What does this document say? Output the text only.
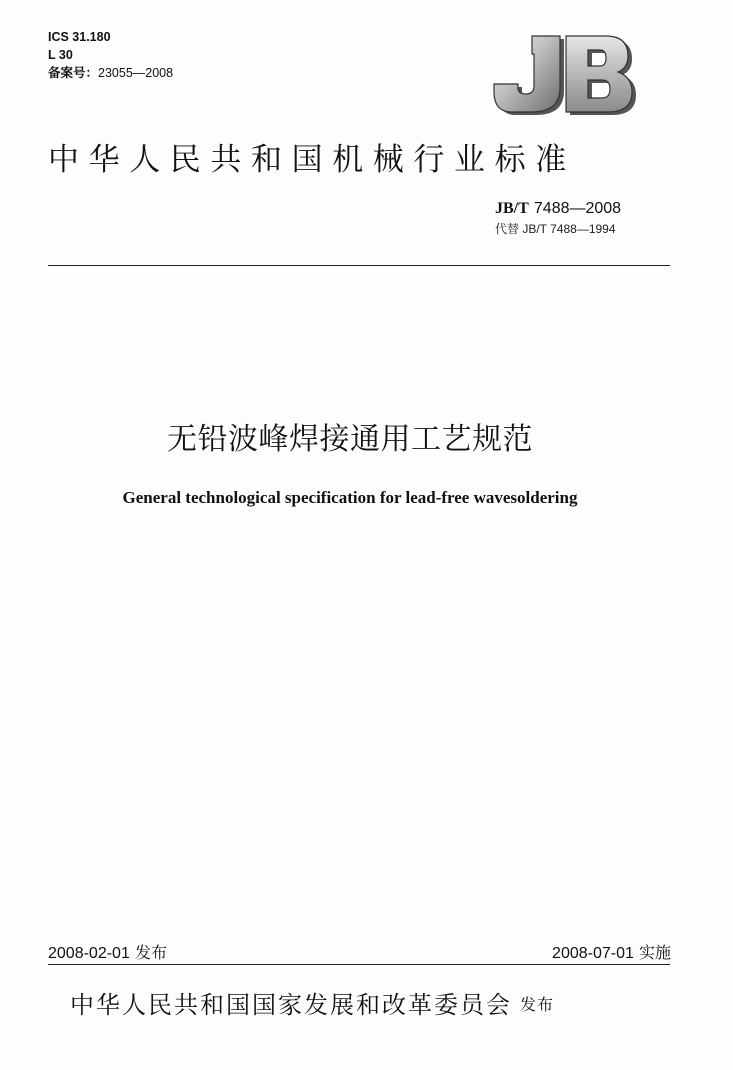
ICS 31.180
L 30
备案号：23055—2008
中华人民共和国机械行业标准
JB/T 7488—2008
代替 JB/T 7488—1994
无铅波峰焊接通用工艺规范
General technological specification for lead-free wavesoldering
2008-02-01 发布	2008-07-01 实施
中华人民共和国国家发展和改革委员会 发布
